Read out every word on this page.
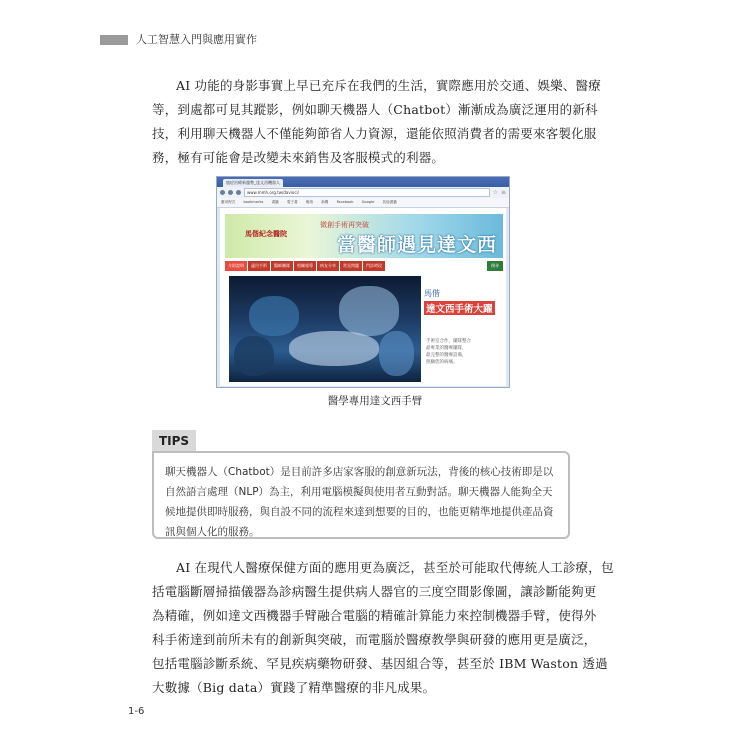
人工智慧入門與應用實作
AI 功能的身影事實上早已充斥在我們的生活，實際應用於交通、娛樂、醫療
等，到處都可見其蹤影，例如聊天機器人（Chatbot）漸漸成為廣泛運用的新科
技，利用聊天機器人不僅能夠節省人力資源，還能依照消費者的需要來客製化服
務，極有可能會是改變未來銷售及客服模式的利器。
癌症治療新趨勢_達文西機器人
www.mmh.org.tw/davinci/	☆ ≡
應用程式 bookmarks 書籤 電子書 報紙 新聞 Facebook Google 其他書籤
馬偕紀念醫院
微創手術再突破
當醫師遇見達文西
介紹說明	適用手術	醫師團隊	相關報導	病友分享	常見問題	門診時段	搜尋
馬偕
達文西手術大躍
手術室合作，團隊整合
最專業的醫療團隊，
最完整的醫療設備，
照顧您的病痛。
醫學專用達文西手臂
TIPS
聊天機器人（Chatbot）是目前許多店家客服的創意新玩法，背後的核心技術即是以
自然語言處理（NLP）為主，利用電腦模擬與使用者互動對話。聊天機器人能夠全天
候地提供即時服務，與自設不同的流程來達到想要的目的，也能更精準地提供產品資
訊與個人化的服務。
AI 在現代人醫療保健方面的應用更為廣泛，甚至於可能取代傳統人工診療，包
括電腦斷層掃描儀器為診病醫生提供病人器官的三度空間影像圖，讓診斷能夠更
為精確，例如達文西機器手臂融合電腦的精確計算能力來控制機器手臂，使得外
科手術達到前所未有的創新與突破，而電腦於醫療教學與研發的應用更是廣泛，
包括電腦診斷系統、罕見疾病藥物研發、基因組合等，甚至於 IBM Waston 透過
大數據（Big data）實踐了精準醫療的非凡成果。
1-6
